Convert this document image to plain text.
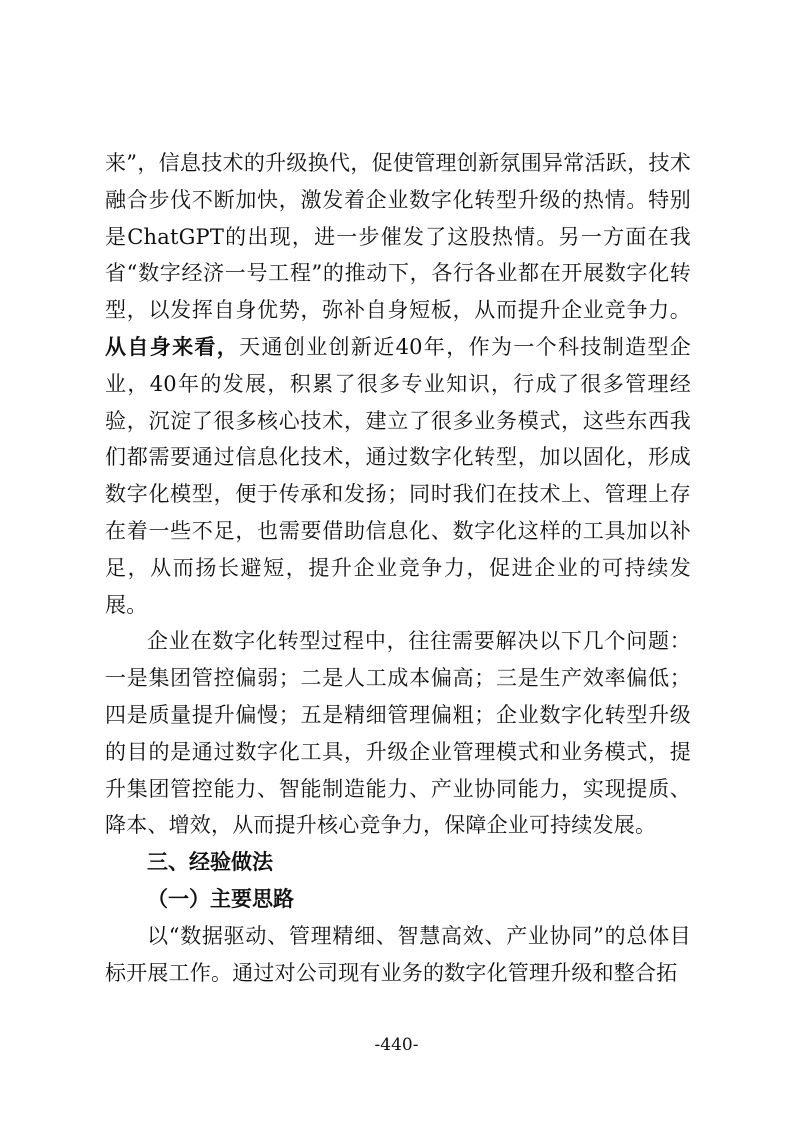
来”，信息技术的升级换代，促使管理创新氛围异常活跃，技术融合步伐不断加快，激发着企业数字化转型升级的热情。特别是ChatGPT的出现，进一步催发了这股热情。另一方面在我省“数字经济一号工程”的推动下，各行各业都在开展数字化转型，以发挥自身优势，弥补自身短板，从而提升企业竞争力。从自身来看，天通创业创新近40年，作为一个科技制造型企业，40年的发展，积累了很多专业知识，行成了很多管理经验，沉淀了很多核心技术，建立了很多业务模式，这些东西我们都需要通过信息化技术，通过数字化转型，加以固化，形成数字化模型，便于传承和发扬；同时我们在技术上、管理上存在着一些不足，也需要借助信息化、数字化这样的工具加以补足，从而扬长避短，提升企业竞争力，促进企业的可持续发展。

企业在数字化转型过程中，往往需要解决以下几个问题：一是集团管控偏弱；二是人工成本偏高；三是生产效率偏低；四是质量提升偏慢；五是精细管理偏粗；企业数字化转型升级的目的是通过数字化工具，升级企业管理模式和业务模式，提升集团管控能力、智能制造能力、产业协同能力，实现提质、降本、增效，从而提升核心竞争力，保障企业可持续发展。

三、经验做法

（一）主要思路

以“数据驱动、管理精细、智慧高效、产业协同”的总体目标开展工作。通过对公司现有业务的数字化管理升级和整合拓

-440-
